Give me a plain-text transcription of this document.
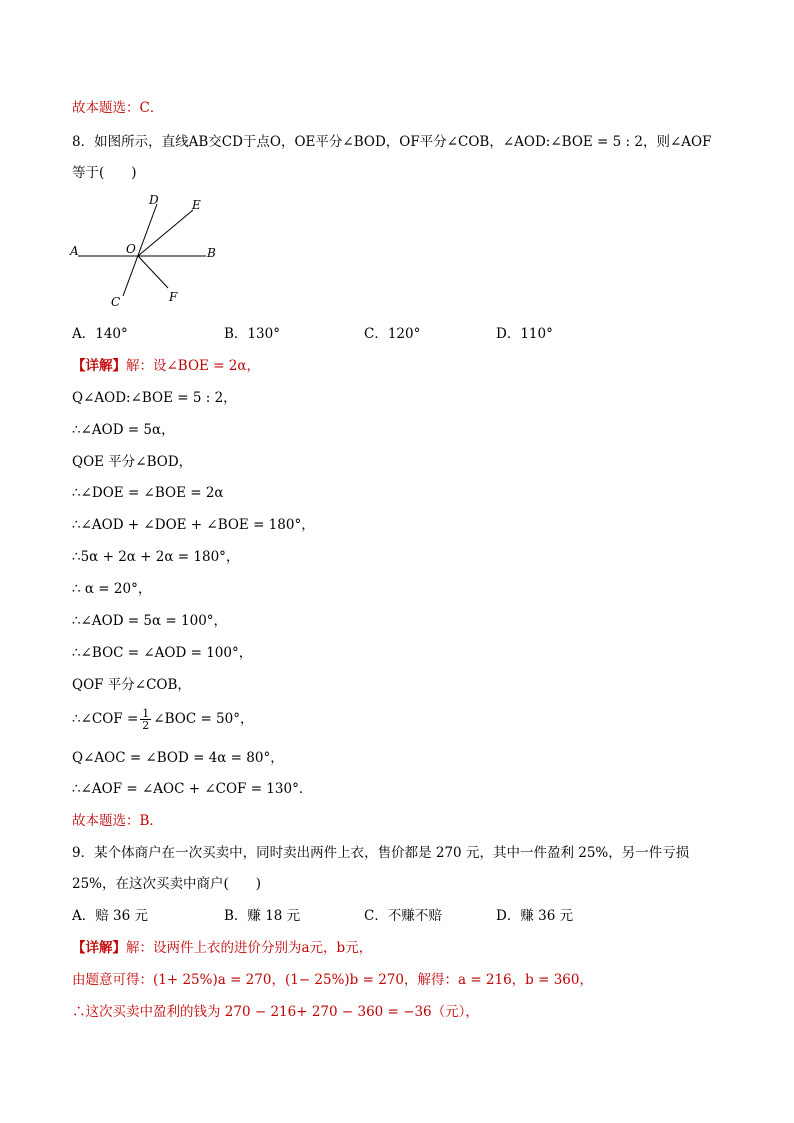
故本题选：C．
8．如图所示，直线AB交CD于点O，OE平分∠BOD，OF平分∠COB，∠AOD:∠BOE = 5 : 2，则∠AOF
等于(　　)
A	O	B
C
D	E
F
A．140°	B．130°	C．120°	D．110°
【详解】解：设∠BOE = 2α，
Q∠AOD:∠BOE = 5 : 2，
∴∠AOD = 5α，
QOE 平分∠BOD，
∴∠DOE = ∠BOE = 2α
∴∠AOD + ∠DOE + ∠BOE = 180°，
∴5α + 2α + 2α = 180°，
∴ α = 20°，
∴∠AOD = 5α = 100°，
∴∠BOC = ∠AOD = 100°，
QOF 平分∠COB，
∴∠COF = $\frac{1}{2}$ ∠BOC = 50°，
Q∠AOC = ∠BOD = 4α = 80°，
∴∠AOF = ∠AOC + ∠COF = 130°．
故本题选：B．
9．某个体商户在一次买卖中，同时卖出两件上衣，售价都是 270 元，其中一件盈利 25%，另一件亏损
25%，在这次买卖中商户(　　)
A．赔 36 元	B．赚 18 元	C．不赚不赔	D．赚 36 元
【详解】解：设两件上衣的进价分别为a元，b元，
由题意可得：(1+ 25%)a = 270，(1− 25%)b = 270，解得：a = 216，b = 360，
∴这次买卖中盈利的钱为 270 − 216+ 270 − 360 = −36（元），
